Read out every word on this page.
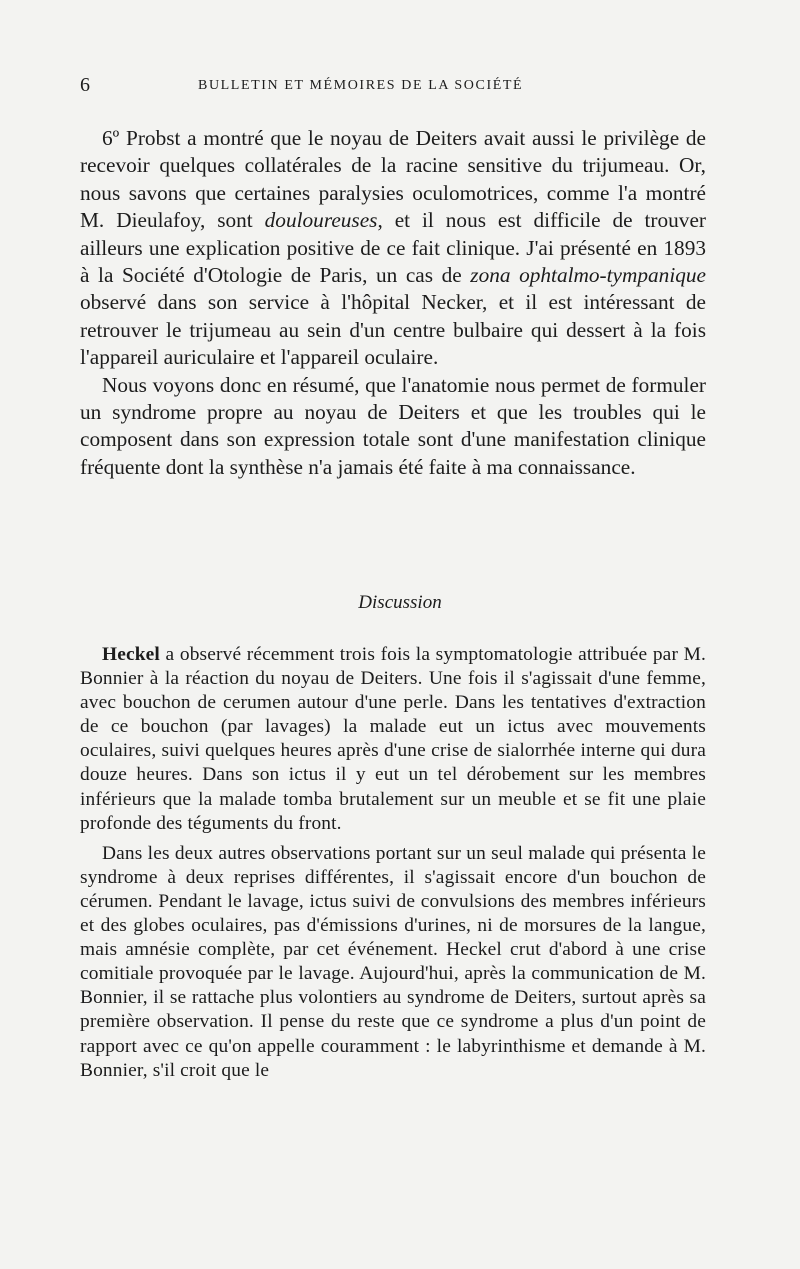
6	BULLETIN ET MÉMOIRES DE LA SOCIÉTÉ

6º Probst a montré que le noyau de Deiters avait aussi le privilège de recevoir quelques collatérales de la racine sensitive du trijumeau. Or, nous savons que certaines paralysies oculomotrices, comme l'a montré M. Dieulafoy, sont douloureuses, et il nous est difficile de trouver ailleurs une explication positive de ce fait clinique. J'ai présenté en 1893 à la Société d'Otologie de Paris, un cas de zona ophtalmo-tympanique observé dans son service à l'hôpital Necker, et il est intéressant de retrouver le trijumeau au sein d'un centre bulbaire qui dessert à la fois l'appareil auriculaire et l'appareil oculaire.

Nous voyons donc en résumé, que l'anatomie nous permet de formuler un syndrome propre au noyau de Deiters et que les troubles qui le composent dans son expression totale sont d'une manifestation clinique fréquente dont la synthèse n'a jamais été faite à ma connaissance.

Discussion

Heckel a observé récemment trois fois la symptomatologie attribuée par M. Bonnier à la réaction du noyau de Deiters. Une fois il s'agissait d'une femme, avec bouchon de cerumen autour d'une perle. Dans les tentatives d'extraction de ce bouchon (par lavages) la malade eut un ictus avec mouvements oculaires, suivi quelques heures après d'une crise de sialorrhée interne qui dura douze heures. Dans son ictus il y eut un tel dérobement sur les membres inférieurs que la malade tomba brutalement sur un meuble et se fit une plaie profonde des téguments du front.

Dans les deux autres observations portant sur un seul malade qui présenta le syndrome à deux reprises différentes, il s'agissait encore d'un bouchon de cérumen. Pendant le lavage, ictus suivi de convulsions des membres inférieurs et des globes oculaires, pas d'émissions d'urines, ni de morsures de la langue, mais amnésie complète, par cet événement. Heckel crut d'abord à une crise comitiale provoquée par le lavage. Aujourd'hui, après la communication de M. Bonnier, il se rattache plus volontiers au syndrome de Deiters, surtout après sa première observation. Il pense du reste que ce syndrome a plus d'un point de rapport avec ce qu'on appelle couramment : le labyrinthisme et demande à M. Bonnier, s'il croit que le
